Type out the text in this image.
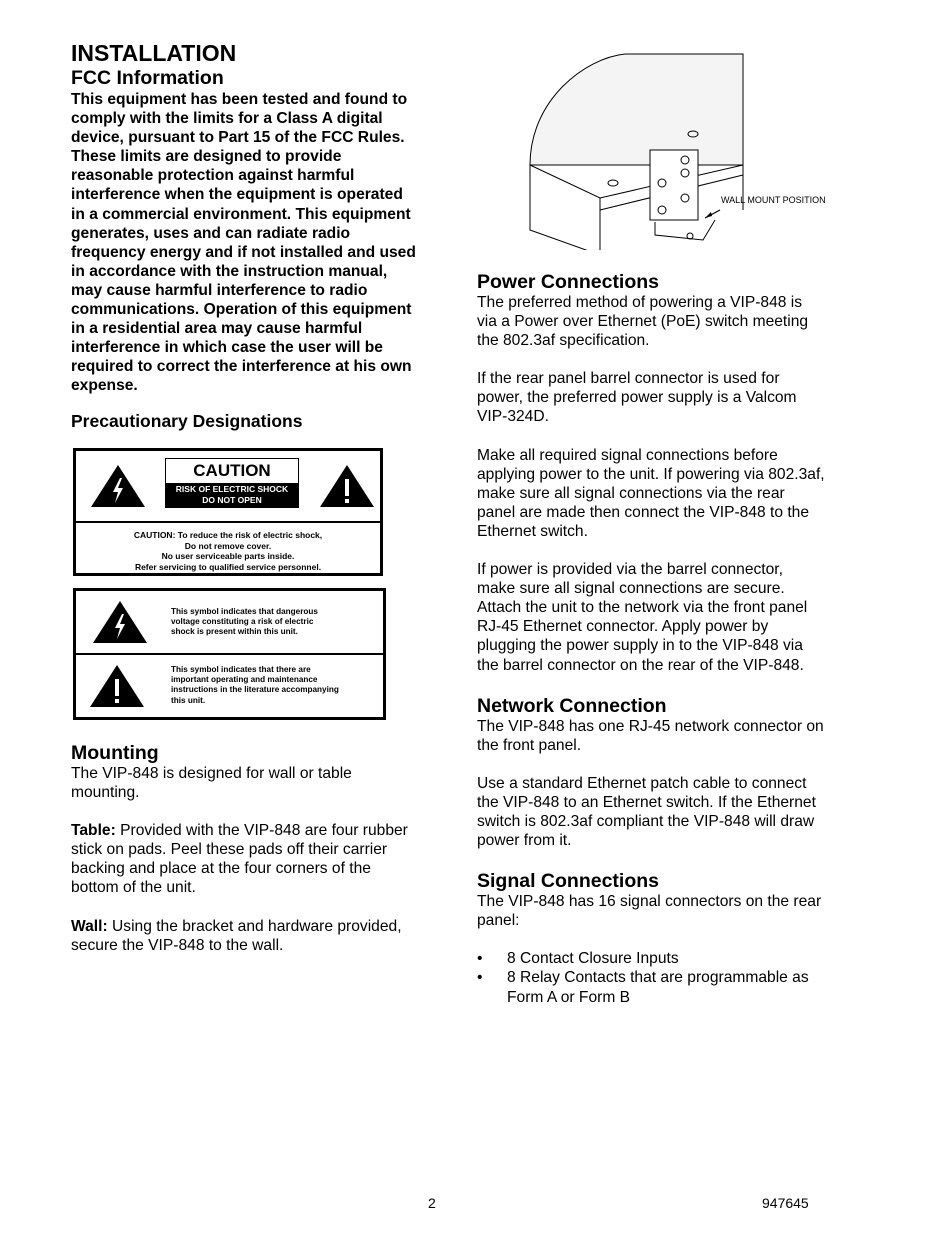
INSTALLATION
FCC Information
This equipment has been tested and found to
comply with the limits for a Class A digital
device, pursuant to Part 15 of the FCC Rules.
These limits are designed to provide
reasonable protection against harmful
interference when the equipment is operated
in a commercial environment. This equipment
generates, uses and can radiate radio
frequency energy and if not installed and used
in accordance with the instruction manual,
may cause harmful interference to radio
communications. Operation of this equipment
in a residential area may cause harmful
interference in which case the user will be
required to correct the interference at his own
expense.
Precautionary Designations
CAUTION
RISK OF ELECTRIC SHOCK
DO NOT OPEN
CAUTION: To reduce the risk of electric shock,
Do not remove cover.
No user serviceable parts inside.
Refer servicing to qualified service personnel.
This symbol indicates that dangerous
voltage constituting a risk of electric
shock is present within this unit.
This symbol indicates that there are
important operating and maintenance
instructions in the literature accompanying
this unit.
Mounting

The VIP-848 is designed for wall or table
mounting.

Table: Provided with the VIP-848 are four rubber
stick on pads. Peel these pads off their carrier
backing and place at the four corners of the
bottom of the unit.

Wall: Using the bracket and hardware provided,
secure the VIP-848 to the wall.

WALL MOUNT POSITION
Power Connections

The preferred method of powering a VIP-848 is
via a Power over Ethernet (PoE) switch meeting
the 802.3af specification.

If the rear panel barrel connector is used for
power, the preferred power supply is a Valcom
VIP-324D.

Make all required signal connections before
applying power to the unit. If powering via 802.3af,
make sure all signal connections via the rear
panel are made then connect the VIP-848 to the
Ethernet switch.

If power is provided via the barrel connector,
make sure all signal connections are secure.
Attach the unit to the network via the front panel
RJ-45 Ethernet connector. Apply power by
plugging the power supply in to the VIP-848 via
the barrel connector on the rear of the VIP-848.

Network Connection

The VIP-848 has one RJ-45 network connector on
the front panel.

Use a standard Ethernet patch cable to connect
the VIP-848 to an Ethernet switch. If the Ethernet
switch is 802.3af compliant the VIP-848 will draw
power from it.

Signal Connections

The VIP-848 has 16 signal connectors on the rear
panel:

• 8 Contact Closure Inputs
• 8 Relay Contacts that are programmable as
Form A or Form B
2	947645
